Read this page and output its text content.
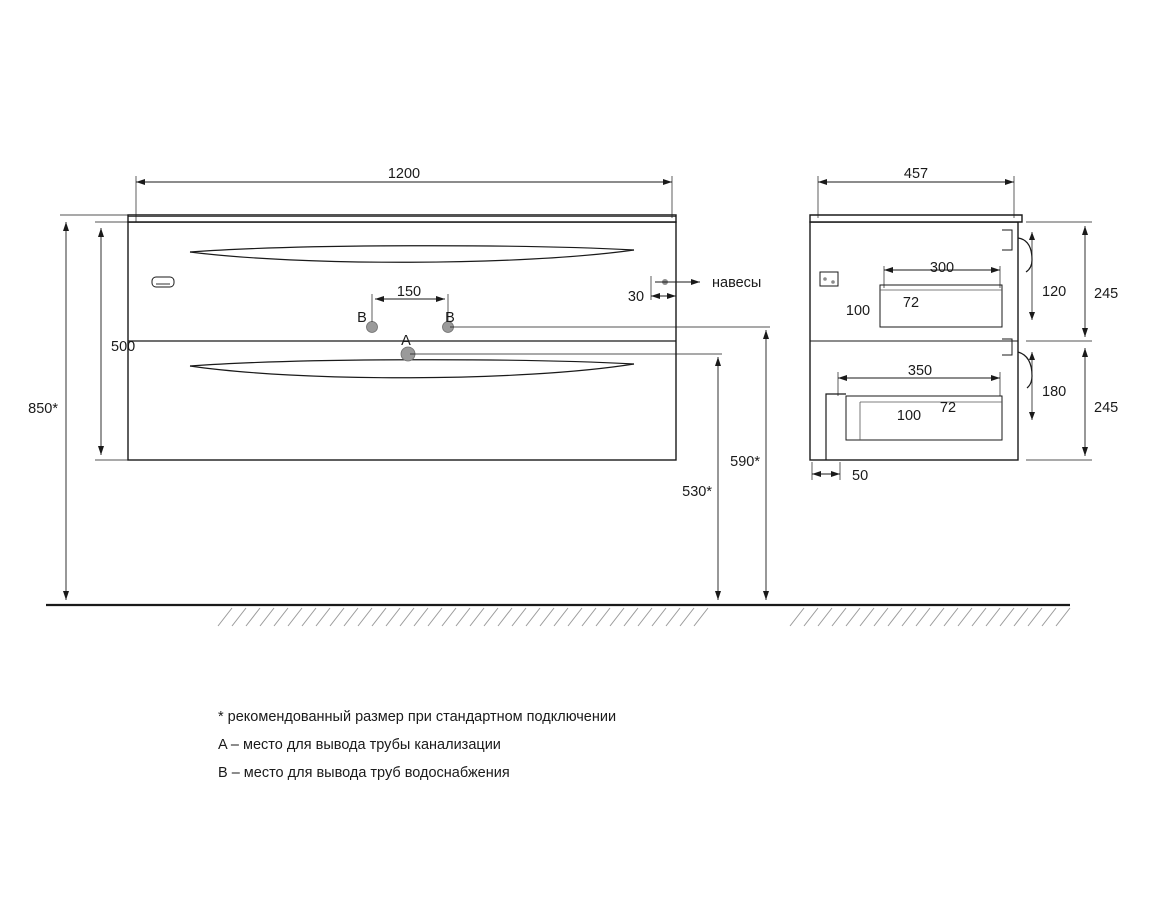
1200
500
850*
150
B	B
A
30
навесы
530*
590*
457
300
100 72
120 245
350
100 72
180
245
50
* рекомендованный размер при стандартном подключении
A – место для вывода трубы канализации
B – место для вывода труб водоснабжения
